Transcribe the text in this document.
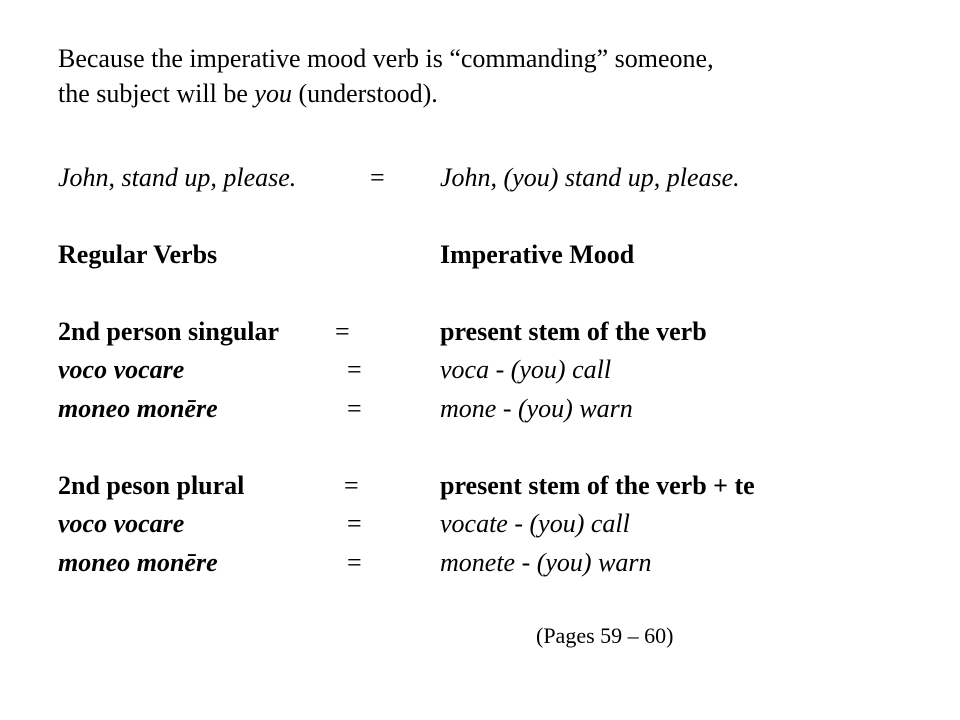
Because the imperative mood verb is “commanding” someone,
the subject will be you (understood).
John, stand up, please.	= John, (you) stand up, please.
Regular Verbs	Imperative Mood
2nd person singular =	present stem of the verb
voco vocare	=	voca - (you) call
moneo monēre	=	mone - (you) warn
2nd peson plural	=	present stem of the verb + te
voco vocare	=	vocate - (you) call
moneo monēre	=	monete - (you) warn
(Pages 59 – 60)
